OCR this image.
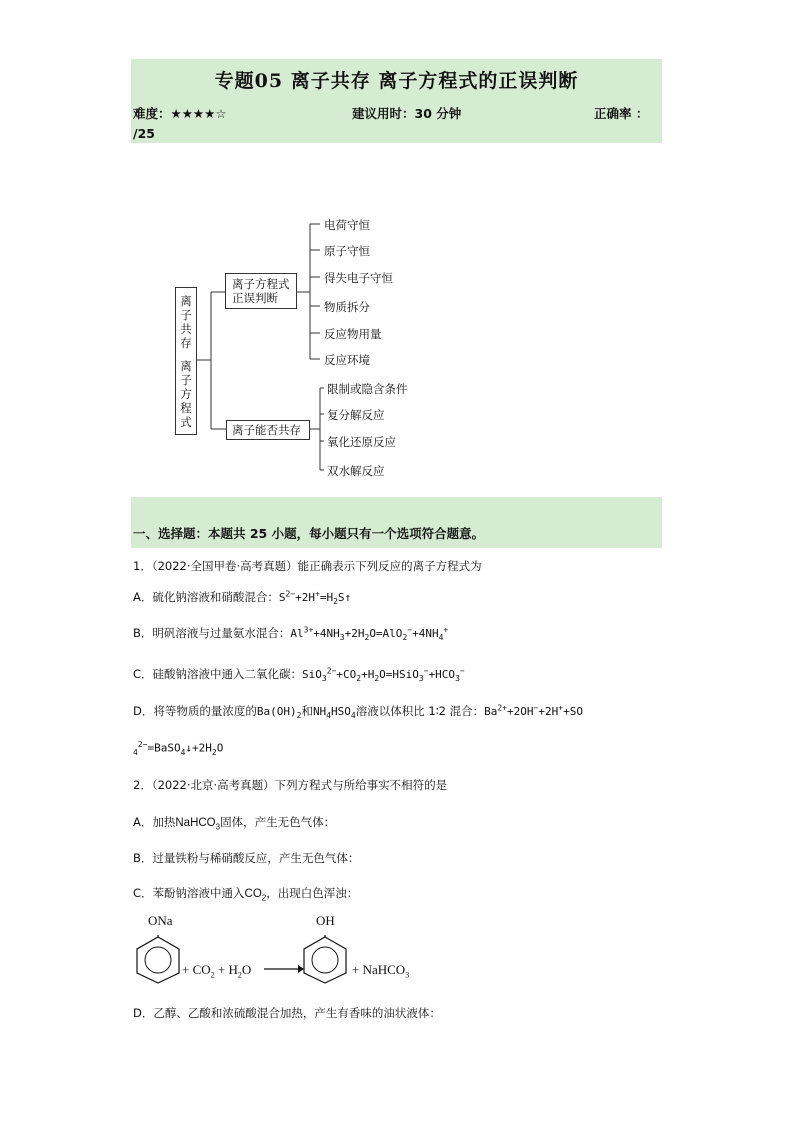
专题05 离子共存 离子方程式的正误判断
难度：★★★★☆	建议用时：30 分钟	正确率 ：
/25
离
子
共
存
离
子
方
程
式
离子方程式
正误判断
离子能否共存
电荷守恒
原子守恒
得失电子守恒
物质拆分
反应物用量
反应环境
限制或隐含条件
复分解反应
氧化还原反应
双水解反应
一、选择题：本题共 25 小题，每小题只有一个选项符合题意。
1．（2022·全国甲卷·高考真题）能正确表示下列反应的离子方程式为
A．硫化钠溶液和硝酸混合：$S^{2-}+2H^+=H_2S↑$
B．明矾溶液与过量氨水混合：$Al^{3+}+4NH_3+2H_2O=AlO_2^-+4NH_4^+$
C．硅酸钠溶液中通入二氧化碳：$SiO_3^{2-}+CO_2+H_2O=HSiO_3^-+HCO_3^-$
D．将等物质的量浓度的$Ba(OH)_2$和$NH_4HSO_4$溶液以体积比 1∶2 混合：$Ba^{2+}+2OH^-+2H^++SO$
$_4^{2-}=BaSO_4↓+2H_2O$
2．（2022·北京·高考真题）下列方程式与所给事实不相符的是
A．加热NaHCO$_3$固体，产生无色气体：
B．过量铁粉与稀硝酸反应，产生无色气体：
C．苯酚钠溶液中通入$CO_2$，出现白色浑浊：
ONa
+ $CO_2 + H_2O$ →
OH
+ NaHCO$_3$
D．乙醇、乙酸和浓硫酸混合加热，产生有香味的油状液体：
